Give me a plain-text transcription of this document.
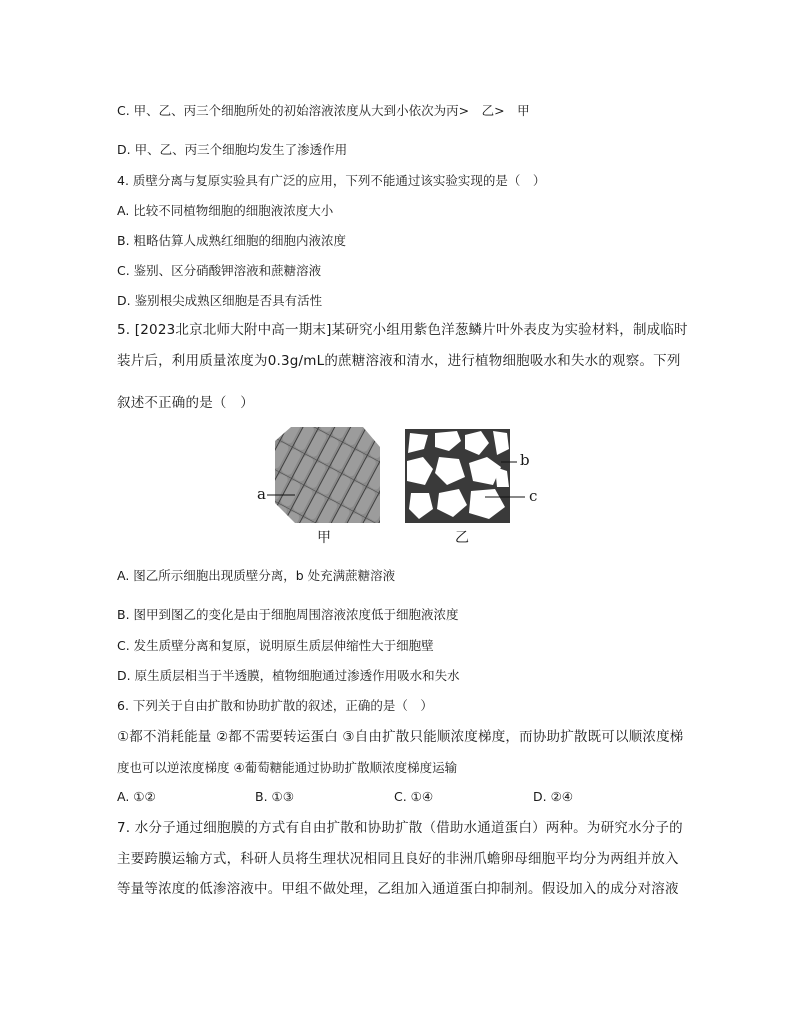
C. 甲、乙、丙三个细胞所处的初始溶液浓度从大到小依次为丙>　乙>　甲
D. 甲、乙、丙三个细胞均发生了渗透作用
4. 质壁分离与复原实验具有广泛的应用，下列不能通过该实验实现的是（　）
A. 比较不同植物细胞的细胞液浓度大小
B. 粗略估算人成熟红细胞的细胞内液浓度
C. 鉴别、区分硝酸钾溶液和蔗糖溶液
D. 鉴别根尖成熟区细胞是否具有活性
5. [2023北京北师大附中高一期末]某研究小组用紫色洋葱鳞片叶外表皮为实验材料，制成临时
装片后，利用质量浓度为0.3g/mL的蔗糖溶液和清水，进行植物细胞吸水和失水的观察。下列
叙述不正确的是（　）
a
b
c
甲	乙
A. 图乙所示细胞出现质壁分离，b 处充满蔗糖溶液
B. 图甲到图乙的变化是由于细胞周围溶液浓度低于细胞液浓度
C. 发生质壁分离和复原，说明原生质层伸缩性大于细胞壁
D. 原生质层相当于半透膜，植物细胞通过渗透作用吸水和失水
6. 下列关于自由扩散和协助扩散的叙述，正确的是（　）
①都不消耗能量 ②都不需要转运蛋白 ③自由扩散只能顺浓度梯度，而协助扩散既可以顺浓度梯
度也可以逆浓度梯度 ④葡萄糖能通过协助扩散顺浓度梯度运输
A. ①②	B. ①③	C. ①④	D. ②④
7. 水分子通过细胞膜的方式有自由扩散和协助扩散（借助水通道蛋白）两种。为研究水分子的
主要跨膜运输方式，科研人员将生理状况相同且良好的非洲爪蟾卵母细胞平均分为两组并放入
等量等浓度的低渗溶液中。甲组不做处理，乙组加入通道蛋白抑制剂。假设加入的成分对溶液
